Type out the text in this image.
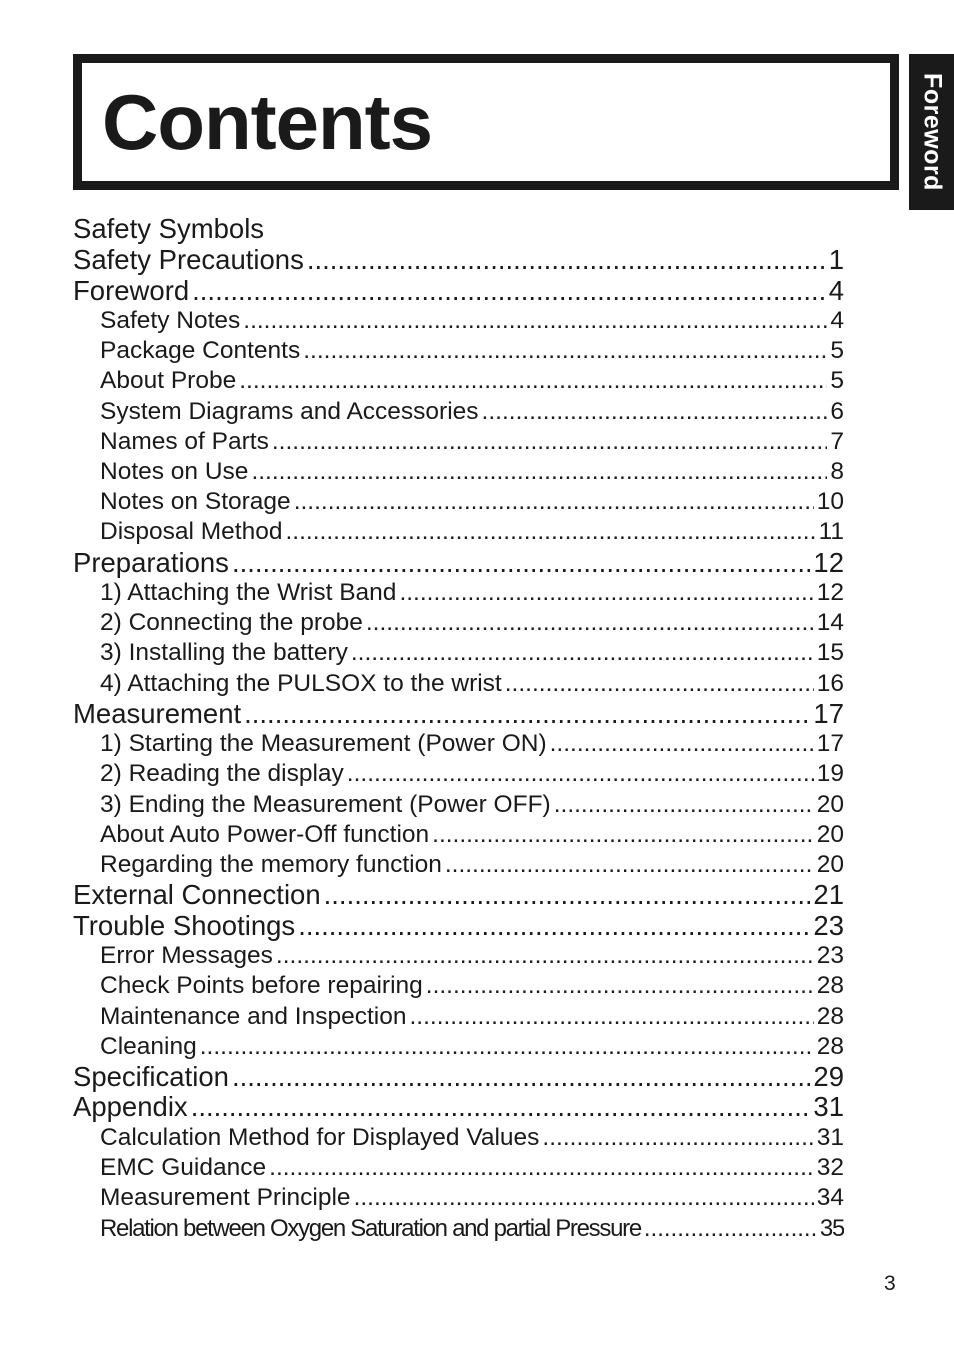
Contents	Foreword
Safety Symbols
Safety Precautions .....	1
Foreword .....	4
Safety Notes .....	4
Package Contents .....	5
About Probe .....	5
System Diagrams and Accessories .....	6
Names of Parts .....	7
Notes on Use .....	8
Notes on Storage .....	10
Disposal Method .....	11
Preparations .....	12
1) Attaching the Wrist Band .....	12
2) Connecting the probe .....	14
3) Installing the battery .....	15
4) Attaching the PULSOX to the wrist .....	16
Measurement .....	17
1) Starting the Measurement (Power ON) .....	17
2) Reading the display .....	19
3) Ending the Measurement (Power OFF) .....	20
About Auto Power-Off function .....	20
Regarding the memory function .....	20
External Connection .....	21
Trouble Shootings .....	23
Error Messages .....	23
Check Points before repairing .....	28
Maintenance and Inspection .....	28
Cleaning .....	28
Specification .....	29
Appendix .....	31
Calculation Method for Displayed Values .....	31
EMC Guidance .....	32
Measurement Principle .....	34
Relation between Oxygen Saturation and partial Pressure .....	35
3
